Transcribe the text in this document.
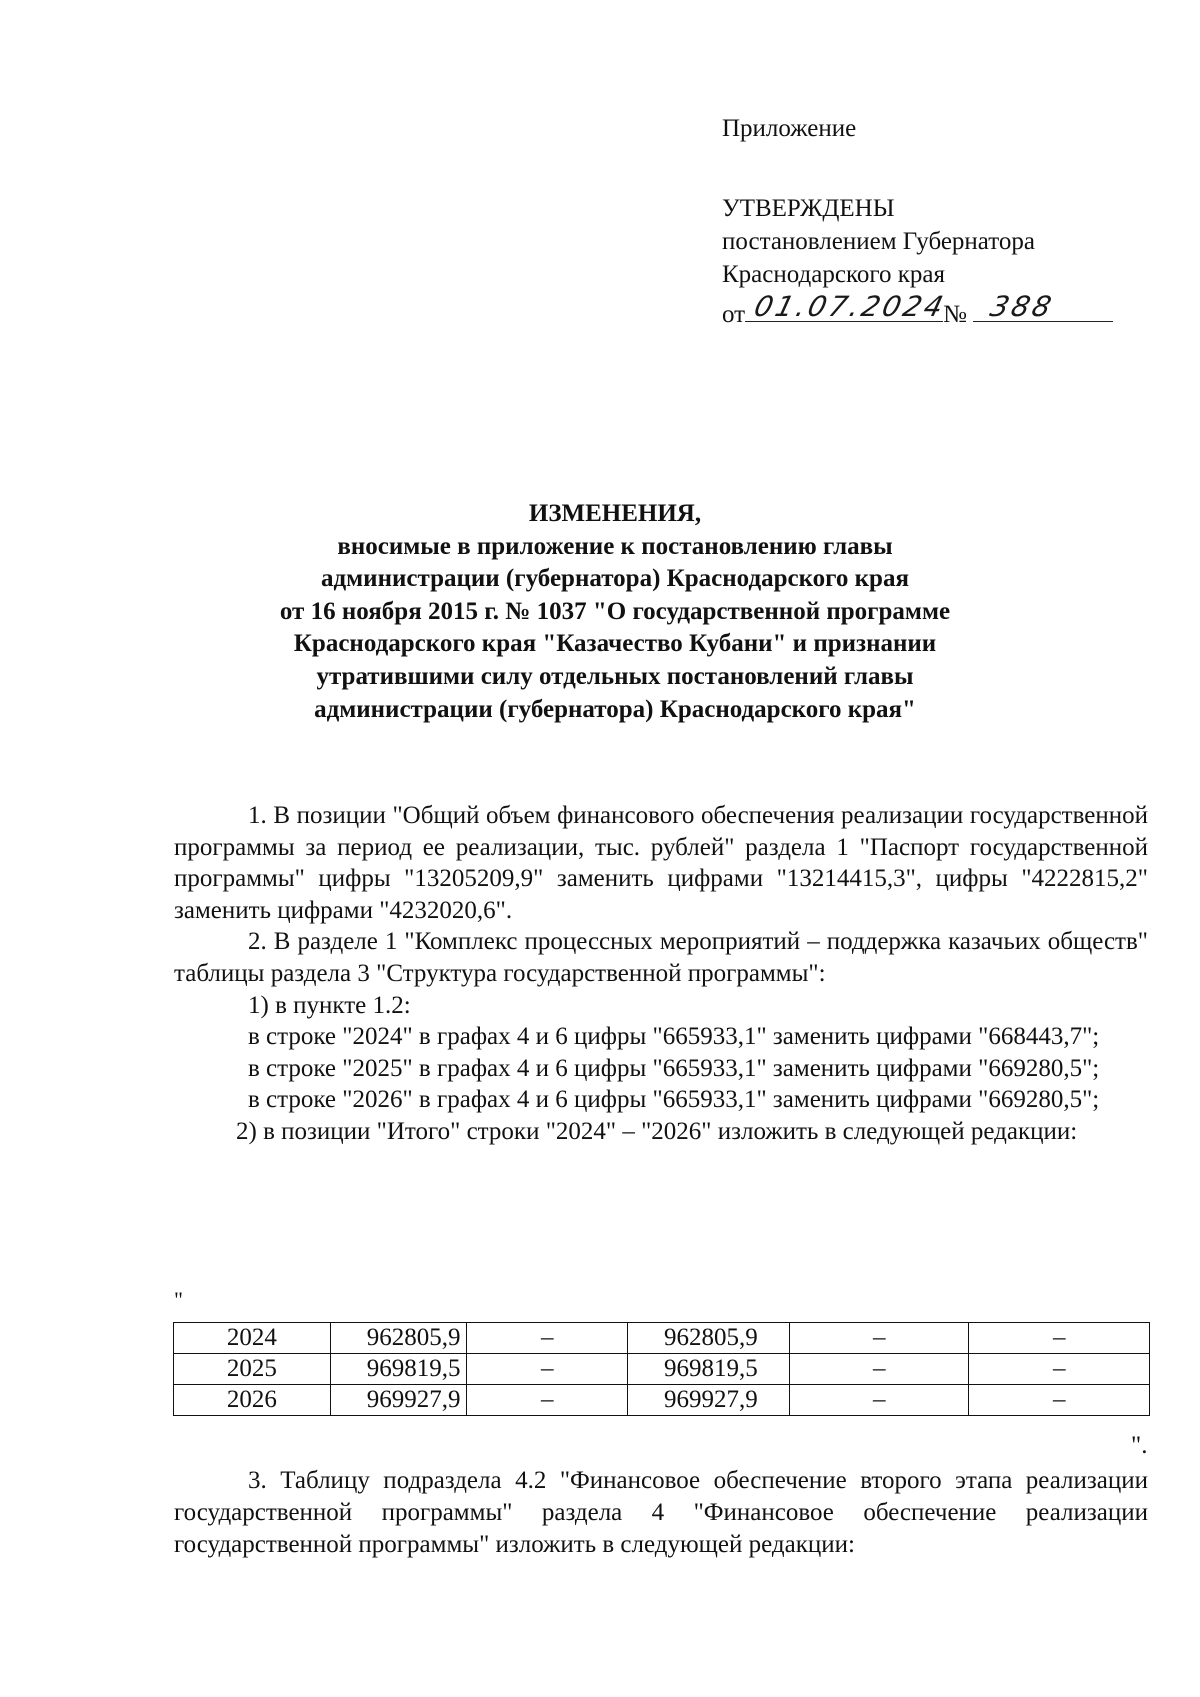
Приложение
УТВЕРЖДЕНЫ
постановлением Губернатора
Краснодарского края
от 01.07.2024
№ 388
ИЗМЕНЕНИЯ,
вносимые в приложение к постановлению главы
администрации (губернатора) Краснодарского края
от 16 ноября 2015 г. № 1037 "О государственной программе
Краснодарского края "Казачество Кубани" и признании
утратившими силу отдельных постановлений главы
администрации (губернатора) Краснодарского края"

1. В позиции "Общий объем финансового обеспечения реализации государственной программы за период ее реализации, тыс. рублей" раздела 1 "Паспорт государственной программы" цифры "13205209,9" заменить цифрами "13214415,3", цифры "4222815,2" заменить цифрами "4232020,6".

2. В разделе 1 "Комплекс процессных мероприятий – поддержка казачьих обществ" таблицы раздела 3 "Структура государственной программы":

1) в пункте 1.2:

в строке "2024" в графах 4 и 6 цифры "665933,1" заменить цифрами "668443,7";

в строке "2025" в графах 4 и 6 цифры "665933,1" заменить цифрами "669280,5";

в строке "2026" в графах 4 и 6 цифры "665933,1" заменить цифрами "669280,5";

2) в позиции "Итого" строки "2024" – "2026" изложить в следующей редакции:

"
2024	962805,9	–	962805,9	–	–
2025	969819,5	–	969819,5	–	–
2026	969927,9	–	969927,9	–	–
".

3. Таблицу подраздела 4.2 "Финансовое обеспечение второго этапа реализации государственной программы" раздела 4 "Финансовое обеспечение реализации государственной программы" изложить в следующей редакции:
